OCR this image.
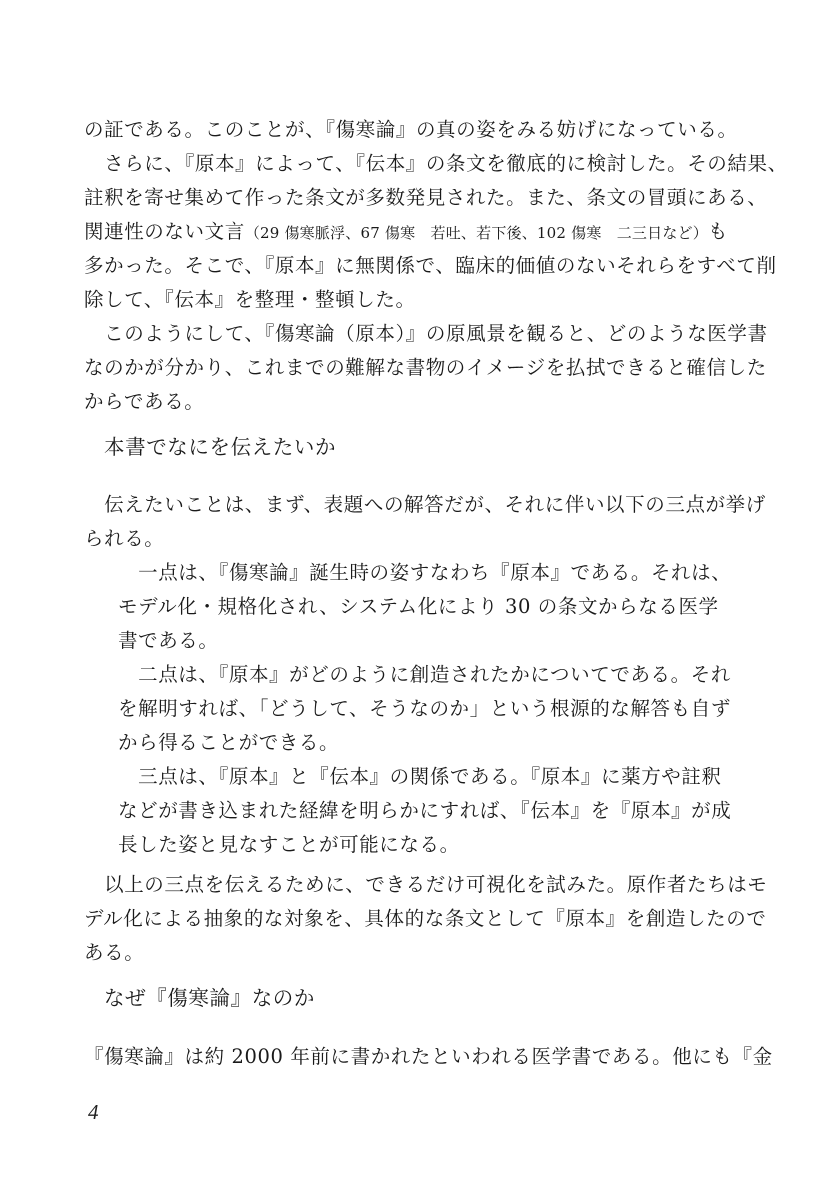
の証である。このことが、『傷寒論』の真の姿をみる妨げになっている。
　さらに、『原本』によって、『伝本』の条文を徹底的に検討した。その結果、
註釈を寄せ集めて作った条文が多数発見された。また、条文の冒頭にある、
関連性のない文言（29 傷寒脈浮、67 傷寒　若吐、若下後、102 傷寒　二三日など）も
多かった。そこで、『原本』に無関係で、臨床的価値のないそれらをすべて削
除して、『伝本』を整理・整頓した。
　このようにして、『傷寒論（原本）』の原風景を観ると、どのような医学書
なのかが分かり、これまでの難解な書物のイメージを払拭できると確信した
からである。
本書でなにを伝えたいか
　伝えたいことは、まず、表題への解答だが、それに伴い以下の三点が挙げ
られる。
　一点は、『傷寒論』誕生時の姿すなわち『原本』である。それは、
モデル化・規格化され、システム化により 30 の条文からなる医学
書である。
　二点は、『原本』がどのように創造されたかについてである。それ
を解明すれば、「どうして、そうなのか」という根源的な解答も自ず
から得ることができる。
　三点は、『原本』と『伝本』の関係である。『原本』に薬方や註釈
などが書き込まれた経緯を明らかにすれば、『伝本』を『原本』が成
長した姿と見なすことが可能になる。
　以上の三点を伝えるために、できるだけ可視化を試みた。原作者たちはモ
デル化による抽象的な対象を、具体的な条文として『原本』を創造したので
ある。
なぜ『傷寒論』なのか
『傷寒論』は約 2000 年前に書かれたといわれる医学書である。他にも『金
4
